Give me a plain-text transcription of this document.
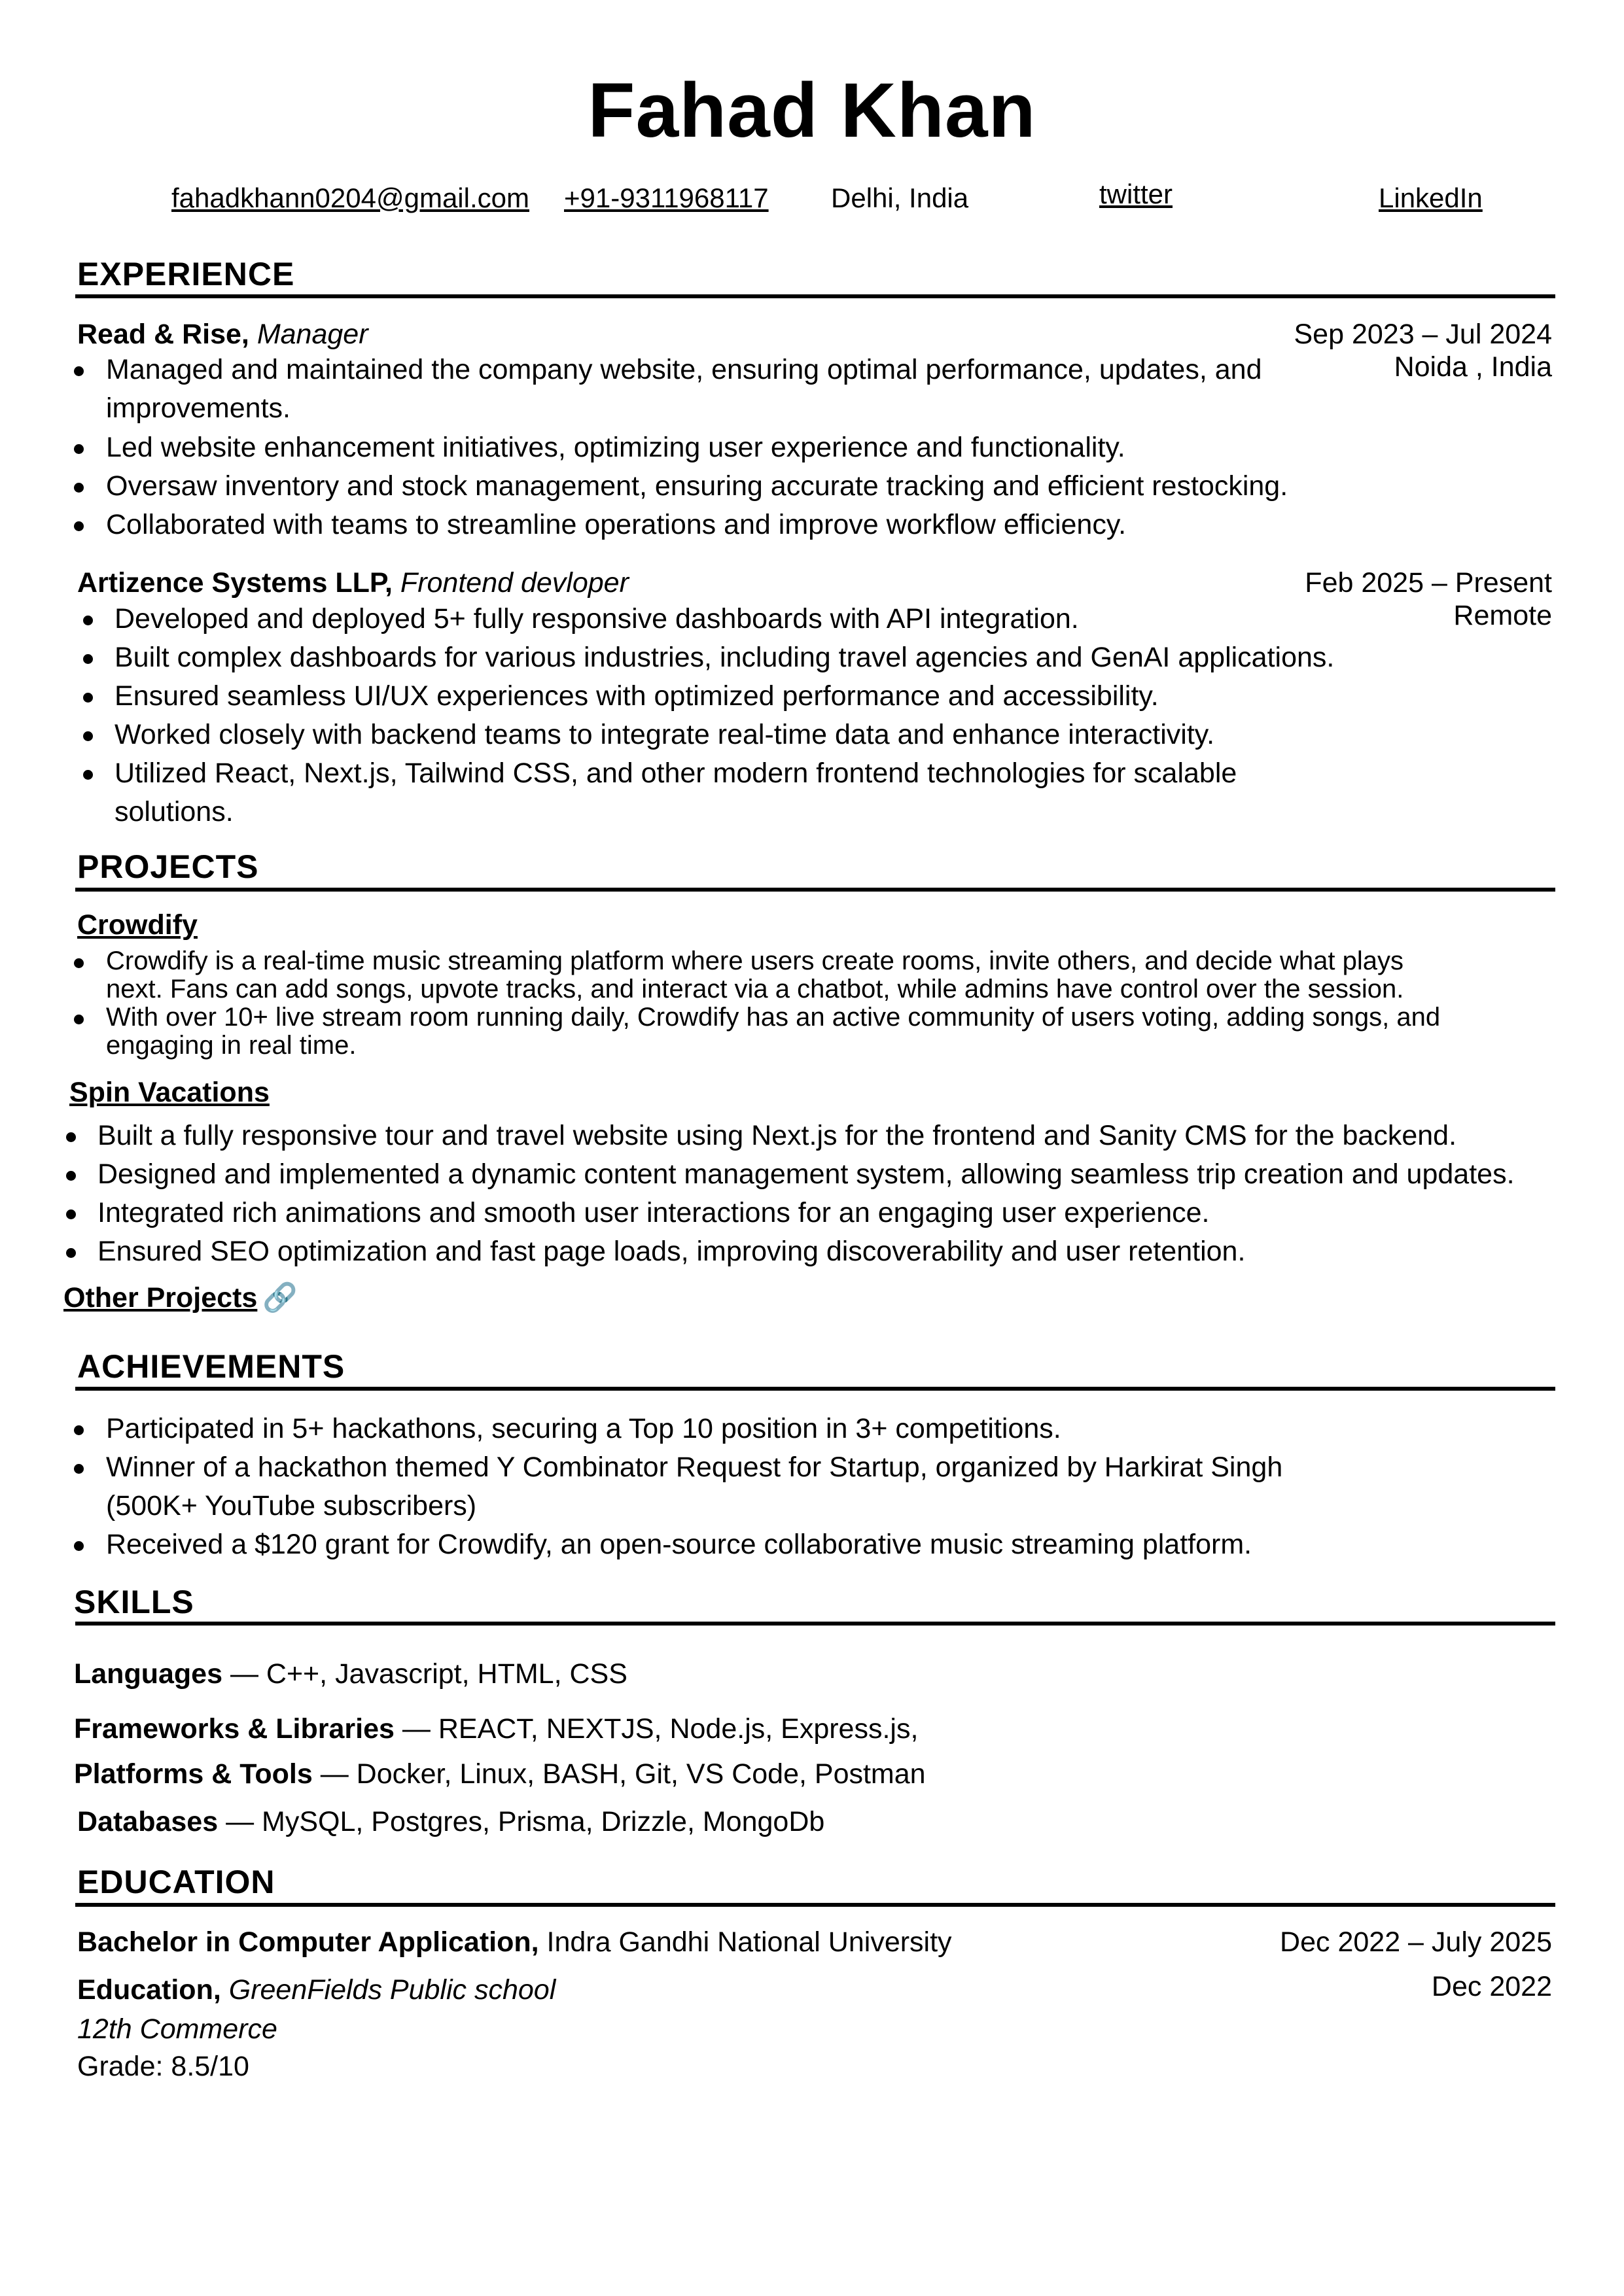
Fahad Khan
fahadkhann0204@gmail.com +91-9311968117 Delhi, India	twitter	LinkedIn
EXPERIENCE
Read & Rise, Manager	Sep 2023 – Jul 2024
Noida , India
Managed and maintained the company website, ensuring optimal performance, updates, and
improvements.
Led website enhancement initiatives, optimizing user experience and functionality.
Oversaw inventory and stock management, ensuring accurate tracking and efficient restocking.
Collaborated with teams to streamline operations and improve workflow efficiency.
Artizence Systems LLP, Frontend devloper	Feb 2025 – Present
Remote
Developed and deployed 5+ fully responsive dashboards with API integration.
Built complex dashboards for various industries, including travel agencies and GenAI applications.
Ensured seamless UI/UX experiences with optimized performance and accessibility.
Worked closely with backend teams to integrate real-time data and enhance interactivity.
Utilized React, Next.js, Tailwind CSS, and other modern frontend technologies for scalable
solutions.
PROJECTS
Crowdify
Crowdify is a real-time music streaming platform where users create rooms, invite others, and decide what plays
next. Fans can add songs, upvote tracks, and interact via a chatbot, while admins have control over the session.
With over 10+ live stream room running daily, Crowdify has an active community of users voting, adding songs, and
engaging in real time.
Spin Vacations
Built a fully responsive tour and travel website using Next.js for the frontend and Sanity CMS for the backend.
Designed and implemented a dynamic content management system, allowing seamless trip creation and updates.
Integrated rich animations and smooth user interactions for an engaging user experience.
Ensured SEO optimization and fast page loads, improving discoverability and user retention.
Other Projects 🔗
ACHIEVEMENTS
Participated in 5+ hackathons, securing a Top 10 position in 3+ competitions.
Winner of a hackathon themed Y Combinator Request for Startup, organized by Harkirat Singh
(500K+ YouTube subscribers)
Received a $120 grant for Crowdify, an open-source collaborative music streaming platform.
SKILLS
Languages — C++, Javascript, HTML, CSS
Frameworks & Libraries — REACT, NEXTJS, Node.js, Express.js,
Platforms & Tools — Docker, Linux, BASH, Git, VS Code, Postman
Databases — MySQL, Postgres, Prisma, Drizzle, MongoDb
EDUCATION
Bachelor in Computer Application, Indra Gandhi National University	Dec 2022 – July 2025
Education, GreenFields Public school	Dec 2022
12th Commerce
Grade: 8.5/10
